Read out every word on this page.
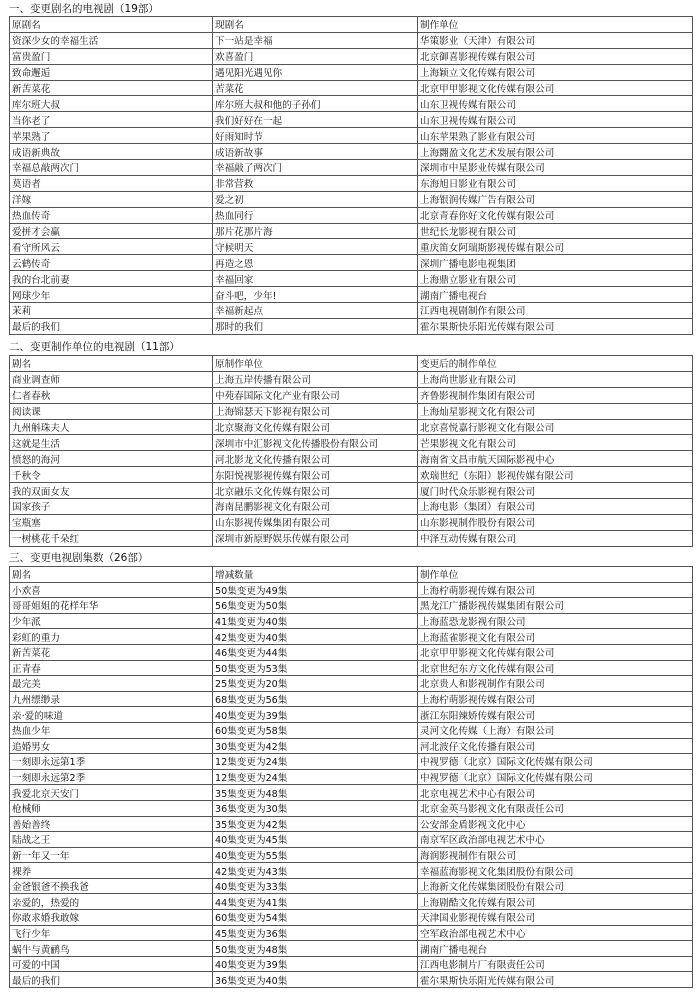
一、变更剧名的电视剧（19部）
原剧名	现剧名	制作单位
资深少女的幸福生活	下一站是幸福	华策影业（天津）有限公司
富贵盈门	欢喜盈门	北京御喜影视传媒有限公司
致命邂逅	遇见阳光遇见你	上海颖立文化传媒有限公司
新苦菜花	苦菜花	北京甲甲影视文化传媒有限公司
库尔班大叔	库尔班大叔和他的子孙们	山东卫视传媒有限公司
当你老了	我们好好在一起	山东卫视传媒有限公司
苹果熟了	好雨知时节	山东苹果熟了影业有限公司
成语新典故	成语新故事	上海翾盈文化艺术发展有限公司
幸福总敲两次门	幸福敲了两次门	深圳市中星影业传媒有限公司
莫语者	非常营救	东海旭日影业有限公司
洋嫁	爱之初	上海银润传媒广告有限公司
热血传奇	热血同行	北京青春你好文化传媒有限公司
爱拼才会赢	那片花那片海	世纪长龙影视有限公司
看守所风云	守候明天	重庆笛女阿瑞斯影视传媒有限公司
云鹤传奇	再造之恩	深圳广播电影电视集团
我的台北前妻	幸福回家	上海鼎立影业有限公司
网球少年	奋斗吧，少年!	湖南广播电视台
茉莉	幸福新起点	江西电视剧制作有限公司
最后的我们	那时的我们	霍尔果斯快乐阳光传媒有限公司
二、变更制作单位的电视剧（11部）
剧名	原制作单位	变更后的制作单位
商业调查师	上海五岸传播有限公司	上海尚世影业有限公司
仁者春秋	中苑春国际文化产业有限公司	齐鲁影视制作集团有限公司
阅读课	上海锦瑟天下影视有限公司	上海灿星影视文化有限公司
九州斛珠夫人	北京聚海文化传媒有限公司	北京喜悦嘉行影视文化有限公司
这就是生活	深圳市中汇影视文化传播股份有限公司	芒果影视文化有限公司
愤怒的海河	河北影龙文化传播有限公司	海南省文昌市航天国际影视中心
千秋令	东阳悦视影视传媒有限公司	欢瑞世纪（东阳）影视传媒有限公司
我的双面女友	北京融乐文化传媒有限公司	厦门时代众乐影视有限公司
国家孩子	海南昆鹏影视文化有限公司	上海电影（集团）有限公司
宝瓶塞	山东影视传媒集团有限公司	山东影视制作股份有限公司
一树桃花千朵红	深圳市新原野娱乐传媒有限公司	中泽互动传媒有限公司
三、变更电视剧集数（26部）
剧名	增减数量	制作单位
小欢喜	50集变更为49集	上海柠萌影视传媒有限公司
哥哥姐姐的花样年华	56集变更为50集	黑龙江广播影视传媒集团有限公司
少年派	41集变更为40集	上海蓝恐龙影视有限公司
彩虹的重力	42集变更为40集	上海蓝雀影视文化有限公司
新苦菜花	46集变更为44集	北京甲甲影视文化传媒有限公司
正青春	50集变更为53集	北京世纪东方文化传媒有限公司
最完美	25集变更为20集	北京贵人和影视制作有限公司
九州缥缈录	68集变更为56集	上海柠萌影视传媒有限公司
亲·爱的味道	40集变更为39集	浙江东阳辣娇传媒有限公司
热血少年	60集变更为58集	灵河文化传媒（上海）有限公司
追婚男女	30集变更为42集	河北波仔文化传播有限公司
一刻即永远第1季	12集变更为24集	中视罗德（北京）国际文化传媒有限公司
一刻即永远第2季	12集变更为24集	中视罗德（北京）国际文化传媒有限公司
我爱北京天安门	35集变更为48集	北京电视艺术中心有限公司
枪械师	36集变更为30集	北京金英马影视文化有限责任公司
善始善终	35集变更为42集	公安部金盾影视文化中心
陆战之王	40集变更为45集	南京军区政治部电视艺术中心
新一年又一年	40集变更为55集	海润影视制作有限公司
裸养	42集变更为43集	幸福蓝海影视文化集团股份有限公司
金爸银爸不换我爸	40集变更为33集	上海新文化传媒集团股份有限公司
亲爱的，热爱的	44集变更为41集	上海剧酷文化传媒有限公司
你敢求婚我敢嫁	60集变更为54集	天津国业影视传媒有限公司
飞行少年	45集变更为36集	空军政治部电视艺术中心
蜗牛与黄鹂鸟	50集变更为48集	湖南广播电视台
可爱的中国	40集变更为39集	江西电影制片厂有限责任公司
最后的我们	36集变更为40集	霍尔果斯快乐阳光传媒有限公司
